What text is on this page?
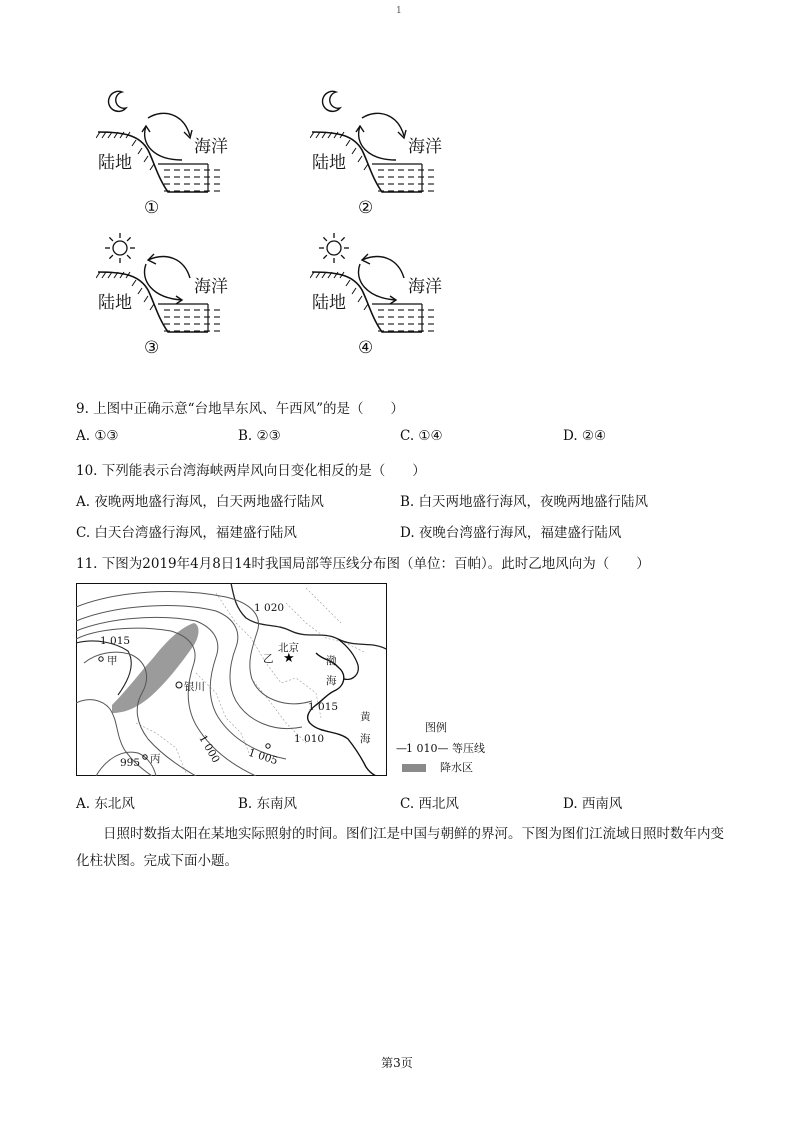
1
陆地
海洋
①
陆地
海洋
②
陆地
海洋
③
陆地
海洋
④
9. 上图中正确示意“台地旱东风、午西风”的是（　　）
A. ①③	B. ②③	C. ①④	D. ②④
10. 下列能表示台湾海峡两岸风向日变化相反的是（　　）
A. 夜晚两地盛行海风，白天两地盛行陆风	B. 白天两地盛行海风，夜晚两地盛行陆风
C. 白天台湾盛行海风，福建盛行陆风	D. 夜晚台湾盛行海风，福建盛行陆风
11. 下图为2019年4月8日14时我国局部等压线分布图（单位：百帕）。此时乙地风向为（　　）
★
1 020
1 015
1 015
1 010
1 005
1 000
995
甲	乙
丙
北京
银川
渤
海
黄
海
图例
—1 010— 等压线
降水区
A. 东北风	B. 东南风	C. 西北风	D. 西南风
日照时数指太阳在某地实际照射的时间。图们江是中国与朝鲜的界河。下图为图们江流域日照时数年内变化柱状图。完成下面小题。
第3页
